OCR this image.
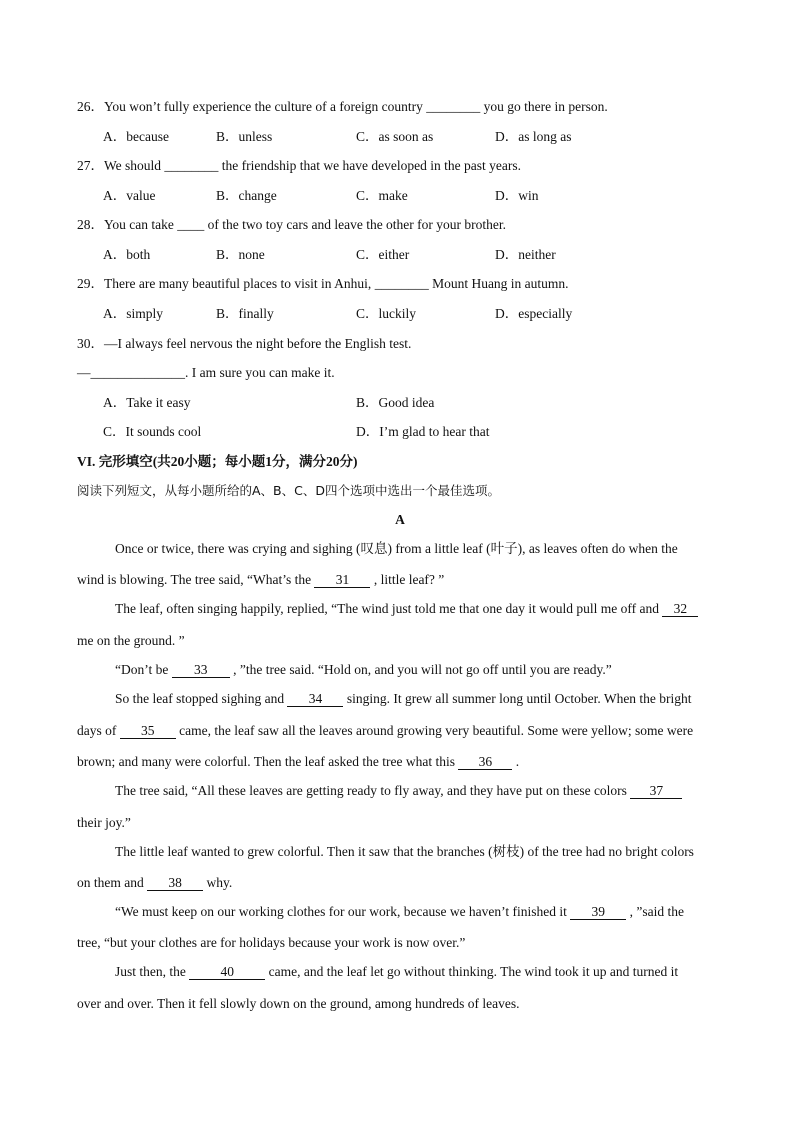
26．You won’t fully experience the culture of a foreign country ________ you go there in person.
A．because	B．unless	C．as soon as	D．as long as
27．We should ________ the friendship that we have developed in the past years.
A．value	B．change	C．make	D．win
28．You can take ____ of the two toy cars and leave the other for your brother.
A．both	B．none	C．either	D．neither
29．There are many beautiful places to visit in Anhui, ________ Mount Huang in autumn.
A．simply	B．finally	C．luckily	D．especially
30．—I always feel nervous the night before the English test.
—______________. I am sure you can make it.
A．Take it easy	B．Good idea
C．It sounds cool	D．I’m glad to hear that
VI. 完形填空(共20小题；每小题1分，满分20分)
阅读下列短文，从每小题所给的A、B、C、D四个选项中选出一个最佳选项。
A
Once or twice, there was crying and sighing (叹息) from a little leaf (叶子), as leaves often do when the
wind is blowing. The tree said, “What’s the 31 , little leaf? ”
The leaf, often singing happily, replied, “The wind just told me that one day it would pull me off and 32
me on the ground. ”
“Don’t be 33 , ”the tree said. “Hold on, and you will not go off until you are ready.”
So the leaf stopped sighing and 34 singing. It grew all summer long until October. When the bright
days of 35 came, the leaf saw all the leaves around growing very beautiful. Some were yellow; some were
brown; and many were colorful. Then the leaf asked the tree what this 36 .
The tree said, “All these leaves are getting ready to fly away, and they have put on these colors 37
their joy.”
The little leaf wanted to grew colorful. Then it saw that the branches (树枝) of the tree had no bright colors
on them and 38 why.
“We must keep on our working clothes for our work, because we haven’t finished it 39 , ”said the
tree, “but your clothes are for holidays because your work is now over.”
Just then, the 40 came, and the leaf let go without thinking. The wind took it up and turned it
over and over. Then it fell slowly down on the ground, among hundreds of leaves.
